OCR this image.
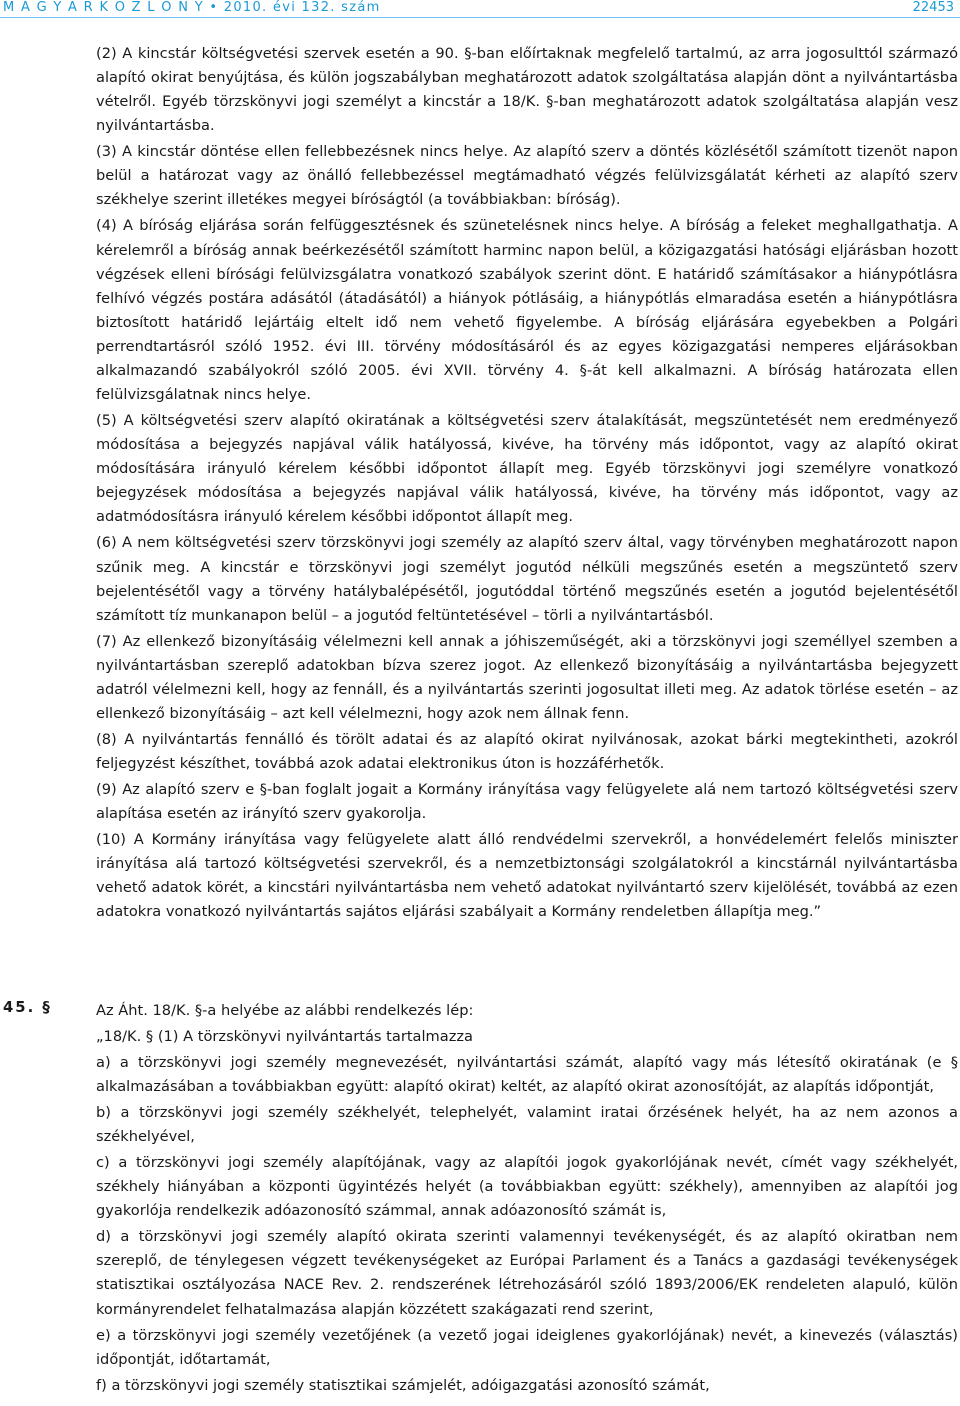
M A G Y A R K Ö Z L Ö N Y • 2010. évi 132. szám	22453

(2) A kincstár költségvetési szervek esetén a 90. §-ban előírtaknak megfelelő tartalmú, az arra jogosulttól származó alapító okirat benyújtása, és külön jogszabályban meghatározott adatok szolgáltatása alapján dönt a nyilvántartásba vételről. Egyéb törzskönyvi jogi személyt a kincstár a 18/K. §-ban meghatározott adatok szolgáltatása alapján vesz nyilvántartásba.

(3) A kincstár döntése ellen fellebbezésnek nincs helye. Az alapító szerv a döntés közlésétől számított tizenöt napon belül a határozat vagy az önálló fellebbezéssel megtámadható végzés felülvizsgálatát kérheti az alapító szerv székhelye szerint illetékes megyei bíróságtól (a továbbiakban: bíróság).

(4) A bíróság eljárása során felfüggesztésnek és szünetelésnek nincs helye. A bíróság a feleket meghallgathatja. A kérelemről a bíróság annak beérkezésétől számított harminc napon belül, a közigazgatási hatósági eljárásban hozott végzések elleni bírósági felülvizsgálatra vonatkozó szabályok szerint dönt. E határidő számításakor a hiánypótlásra felhívó végzés postára adásától (átadásától) a hiányok pótlásáig, a hiánypótlás elmaradása esetén a hiánypótlásra biztosított határidő lejártáig eltelt idő nem vehető figyelembe. A bíróság eljárására egyebekben a Polgári perrendtartásról szóló 1952. évi III. törvény módosításáról és az egyes közigazgatási nemperes eljárásokban alkalmazandó szabályokról szóló 2005. évi XVII. törvény 4. §-át kell alkalmazni. A bíróság határozata ellen felülvizsgálatnak nincs helye.

(5) A költségvetési szerv alapító okiratának a költségvetési szerv átalakítását, megszüntetését nem eredményező módosítása a bejegyzés napjával válik hatályossá, kivéve, ha törvény más időpontot, vagy az alapító okirat módosítására irányuló kérelem későbbi időpontot állapít meg. Egyéb törzskönyvi jogi személyre vonatkozó bejegyzések módosítása a bejegyzés napjával válik hatályossá, kivéve, ha törvény más időpontot, vagy az adatmódosításra irányuló kérelem későbbi időpontot állapít meg.

(6) A nem költségvetési szerv törzskönyvi jogi személy az alapító szerv által, vagy törvényben meghatározott napon szűnik meg. A kincstár e törzskönyvi jogi személyt jogutód nélküli megszűnés esetén a megszüntető szerv bejelentésétől vagy a törvény hatálybalépésétől, jogutóddal történő megszűnés esetén a jogutód bejelentésétől számított tíz munkanapon belül – a jogutód feltüntetésével – törli a nyilvántartásból.

(7) Az ellenkező bizonyításáig vélelmezni kell annak a jóhiszeműségét, aki a törzskönyvi jogi személlyel szemben a nyilvántartásban szereplő adatokban bízva szerez jogot. Az ellenkező bizonyításáig a nyilvántartásba bejegyzett adatról vélelmezni kell, hogy az fennáll, és a nyilvántartás szerinti jogosultat illeti meg. Az adatok törlése esetén – az ellenkező bizonyításáig – azt kell vélelmezni, hogy azok nem állnak fenn.

(8) A nyilvántartás fennálló és törölt adatai és az alapító okirat nyilvánosak, azokat bárki megtekintheti, azokról feljegyzést készíthet, továbbá azok adatai elektronikus úton is hozzáférhetők.

(9) Az alapító szerv e §-ban foglalt jogait a Kormány irányítása vagy felügyelete alá nem tartozó költségvetési szerv alapítása esetén az irányító szerv gyakorolja.

(10) A Kormány irányítása vagy felügyelete alatt álló rendvédelmi szervekről, a honvédelemért felelős miniszter irányítása alá tartozó költségvetési szervekről, és a nemzetbiztonsági szolgálatokról a kincstárnál nyilvántartásba vehető adatok körét, a kincstári nyilvántartásba nem vehető adatokat nyilvántartó szerv kijelölését, továbbá az ezen adatokra vonatkozó nyilvántartás sajátos eljárási szabályait a Kormány rendeletben állapítja meg.”

45. §	Az Áht. 18/K. §-a helyébe az alábbi rendelkezés lép:

„18/K. § (1) A törzskönyvi nyilvántartás tartalmazza

a) a törzskönyvi jogi személy megnevezését, nyilvántartási számát, alapító vagy más létesítő okiratának (e § alkalmazásában a továbbiakban együtt: alapító okirat) keltét, az alapító okirat azonosítóját, az alapítás időpontját,

b) a törzskönyvi jogi személy székhelyét, telephelyét, valamint iratai őrzésének helyét, ha az nem azonos a székhelyével,

c) a törzskönyvi jogi személy alapítójának, vagy az alapítói jogok gyakorlójának nevét, címét vagy székhelyét, székhely hiányában a központi ügyintézés helyét (a továbbiakban együtt: székhely), amennyiben az alapítói jog gyakorlója rendelkezik adóazonosító számmal, annak adóazonosító számát is,

d) a törzskönyvi jogi személy alapító okirata szerinti valamennyi tevékenységét, és az alapító okiratban nem szereplő, de ténylegesen végzett tevékenységeket az Európai Parlament és a Tanács a gazdasági tevékenységek statisztikai osztályozása NACE Rev. 2. rendszerének létrehozásáról szóló 1893/2006/EK rendeleten alapuló, külön kormányrendelet felhatalmazása alapján közzétett szakágazati rend szerint,

e) a törzskönyvi jogi személy vezetőjének (a vezető jogai ideiglenes gyakorlójának) nevét, a kinevezés (választás) időpontját, időtartamát,

f) a törzskönyvi jogi személy statisztikai számjelét, adóigazgatási azonosító számát,
